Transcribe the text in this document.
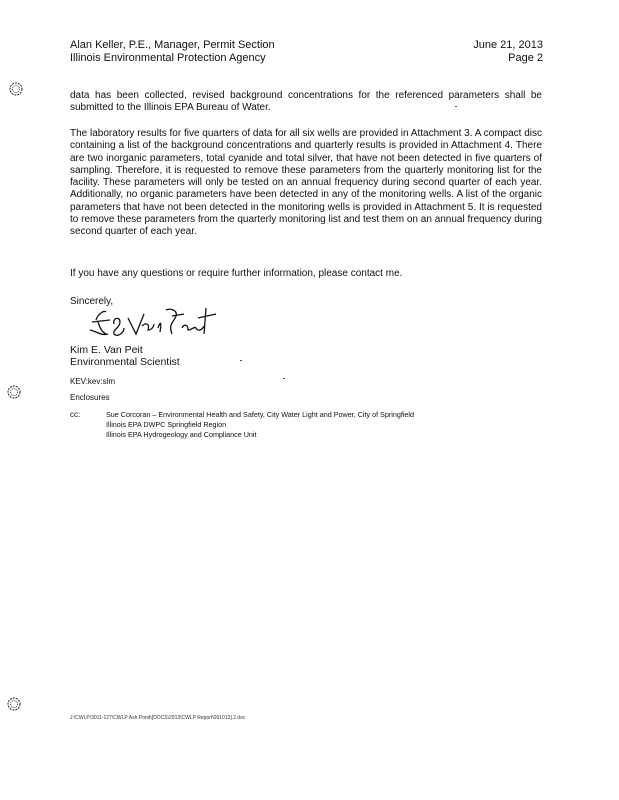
Alan Keller, P.E., Manager, Permit Section
Illinois Environmental Protection Agency
June 21, 2013
Page 2
data has been collected, revised background concentrations for the referenced parameters shall be submitted to the Illinois EPA Bureau of Water.
The laboratory results for five quarters of data for all six wells are provided in Attachment 3. A compact disc containing a list of the background concentrations and quarterly results is provided in Attachment 4. There are two inorganic parameters, total cyanide and total silver, that have not been detected in five quarters of sampling. Therefore, it is requested to remove these parameters from the quarterly monitoring list for the facility. These parameters will only be tested on an annual frequency during second quarter of each year. Additionally, no organic parameters have been detected in any of the monitoring wells. A list of the organic parameters that have not been detected in the monitoring wells is provided in Attachment 5. It is requested to remove these parameters from the quarterly monitoring list and test them on an annual frequency during second quarter of each year.
If you have any questions or require further information, please contact me.
Sincerely,
Kim E. Van Peit
Environmental Scientist
KEV:kev:slm
Enclosures
cc:	Sue Corcoran – Environmental Health and Safety, City Water Light and Power, City of Springfield
Illinois EPA DWPC Springfield Region
Illinois EPA Hydrogeology and Compliance Unit
J:\CWLP\3011-127\CWLP Ash Pond\[DOCS\2013\CWLP Report\061013].2.doc
